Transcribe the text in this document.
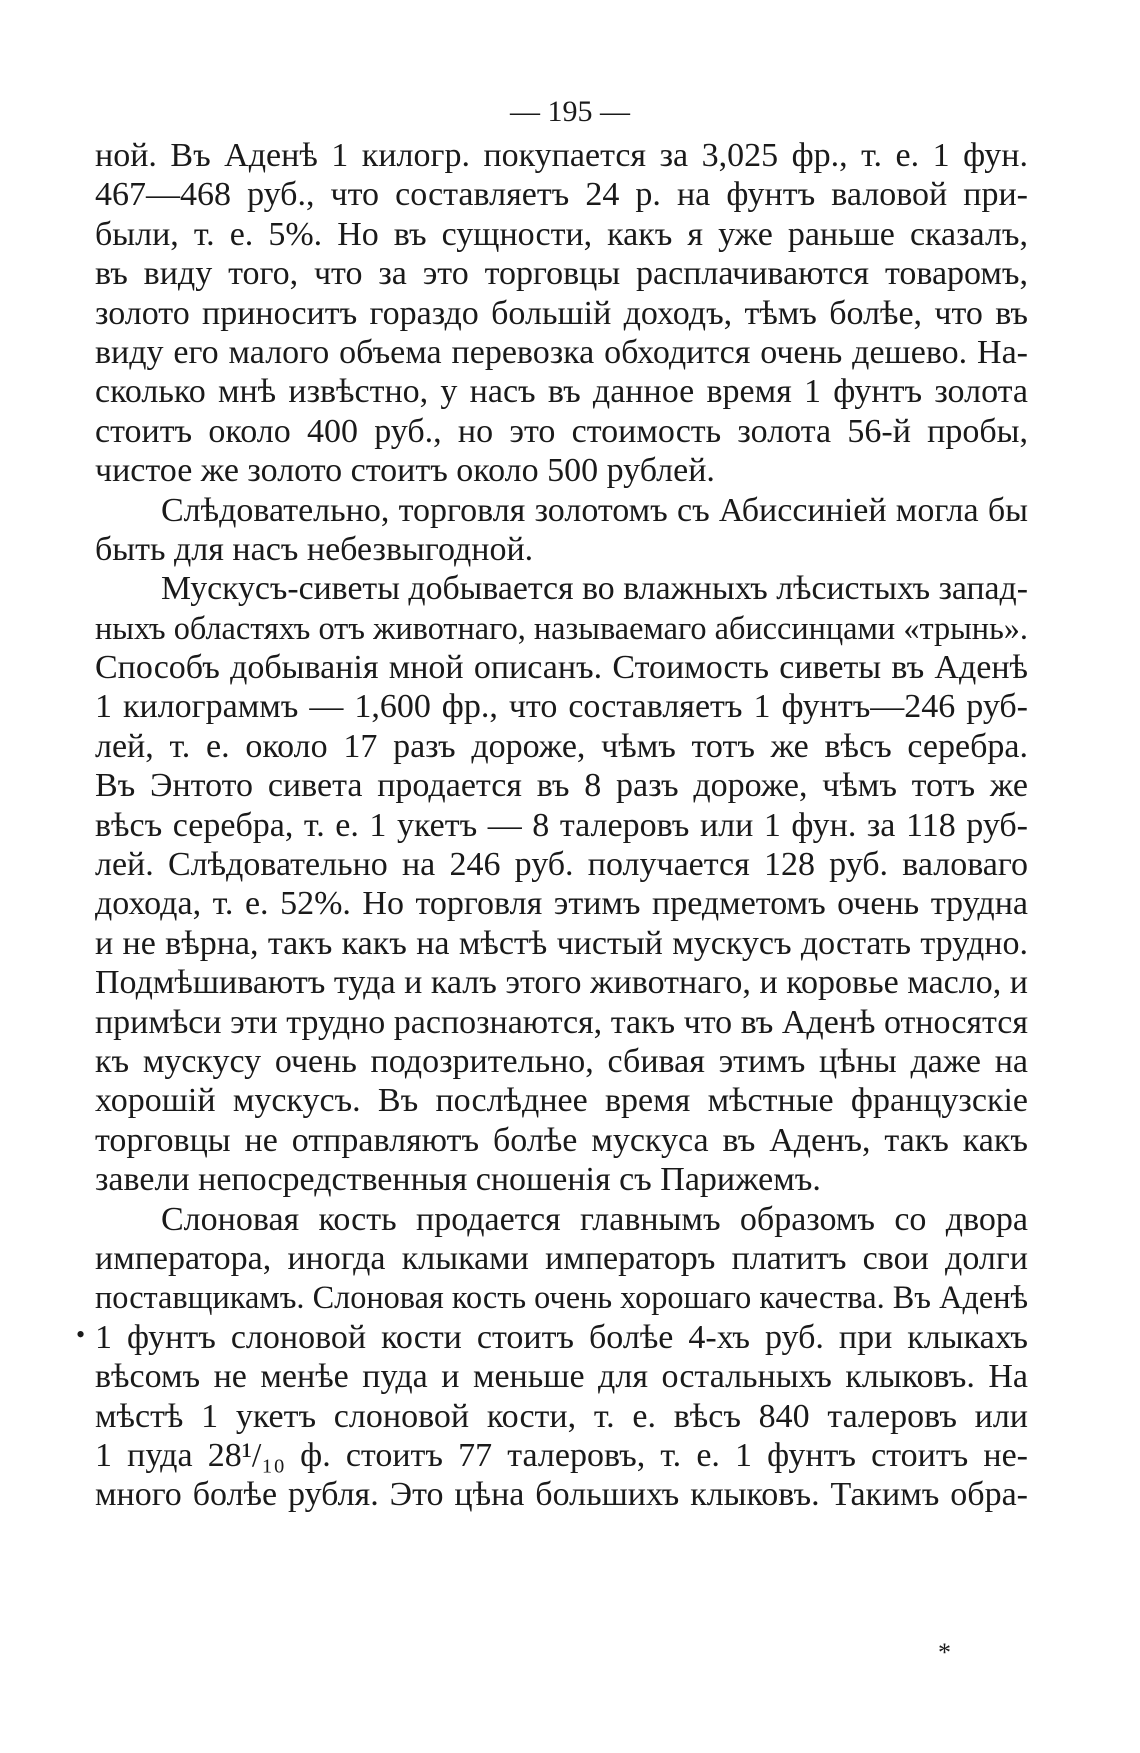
— 195 —
ной. Въ Аденѣ 1 килогр. покупается за 3,025 фр., т. е. 1 фун.
467—468 руб., что составляетъ 24 р. на фунтъ валовой при-
были, т. е. 5%. Но въ сущности, какъ я уже раньше сказалъ,
въ виду того, что за это торговцы расплачиваются товаромъ,
золото приноситъ гораздо большiй доходъ, тѣмъ болѣе, что въ
виду его малого объема перевозка обходится очень дешево. На-
сколько мнѣ извѣстно, у насъ въ данное время 1 фунтъ золота
стоитъ около 400 руб., но это стоимость золота 56-й пробы,
чистое же золото стоитъ около 500 рублей.
Слѣдовательно, торговля золотомъ съ Абиссинiей могла бы
быть для насъ небезвыгодной.
Мускусъ-сиветы добывается во влажныхъ лѣсистыхъ запад-
ныхъ областяхъ отъ животнаго, называемаго абиссинцами «трынь».
Способъ добыванiя мной описанъ. Стоимость сиветы въ Аденѣ
1 килограммъ — 1,600 фр., что составляетъ 1 фунтъ—246 руб-
лей, т. е. около 17 разъ дороже, чѣмъ тотъ же вѣсъ серебра.
Въ Энтото сивета продается въ 8 разъ дороже, чѣмъ тотъ же
вѣсъ серебра, т. е. 1 укетъ — 8 талеровъ или 1 фун. за 118 руб-
лей. Слѣдовательно на 246 руб. получается 128 руб. валоваго
дохода, т. е. 52%. Но торговля этимъ предметомъ очень трудна
и не вѣрна, такъ какъ на мѣстѣ чистый мускусъ достать трудно.
Подмѣшиваютъ туда и калъ этого животнаго, и коровье масло, и
примѣси эти трудно распознаются, такъ что въ Аденѣ относятся
къ мускусу очень подозрительно, сбивая этимъ цѣны даже на
хорошiй мускусъ. Въ послѣднее время мѣстные французскiе
торговцы не отправляютъ болѣе мускуса въ Аденъ, такъ какъ
завели непосредственныя сношенiя съ Парижемъ.
Слоновая кость продается главнымъ образомъ со двора
императора, иногда клыками императоръ платитъ свои долги
поставщикамъ. Слоновая кость очень хорошаго качества. Въ Аденѣ
1 фунтъ слоновой кости стоитъ болѣе 4-хъ руб. при клыкахъ
вѣсомъ не менѣе пуда и меньше для остальныхъ клыковъ. На
мѣстѣ 1 укетъ слоновой кости, т. е. вѣсъ 840 талеровъ или
1 пуда 28¹/₁₀ ф. стоитъ 77 талеровъ, т. е. 1 фунтъ стоитъ не-
много болѣе рубля. Это цѣна большихъ клыковъ. Такимъ обра-
•
*
